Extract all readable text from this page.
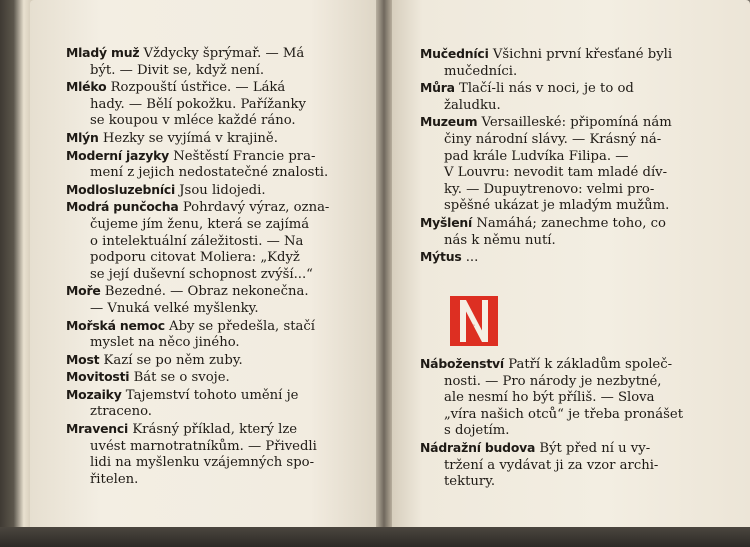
Mladý muž Vždycky šprýmař. — Má
být. — Divit se, když není.
Mléko Rozpouští ústřice. — Láká
hady. — Bělí pokožku. Pařížanky
se koupou v mléce každé ráno.
Mlýn Hezky se vyjímá v krajině.
Moderní jazyky Neštěstí Francie pra-
mení z jejich nedostatečné znalosti.
Modlosluzebníci Jsou lidojedi.
Modrá punčocha Pohrdavý výraz, ozna-
čujeme jím ženu, která se zajímá
o intelektuální záležitosti. — Na
podporu citovat Moliera: „Když
se její duševní schopnost zvýší...“
Moře Bezedné. — Obraz nekonečna.
— Vnuká velké myšlenky.
Mořská nemoc Aby se předešla, stačí
myslet na něco jiného.
Most Kazí se po něm zuby.
Movitosti Bát se o svoje.
Mozaiky Tajemství tohoto umění je
ztraceno.
Mravenci Krásný příklad, který lze
uvést marnotratníkům. — Přivedli
lidi na myšlenku vzájemných spo-
řitelen.
Mučedníci Všichni první křesťané byli
mučedníci.
Můra Tlačí-li nás v noci, je to od
žaludku.
Muzeum Versailleské: připomíná nám
činy národní slávy. — Krásný ná-
pad krále Ludvíka Filipa. —
V Louvru: nevodit tam mladé dív-
ky. — Dupuytrenovo: velmi pro-
spěšné ukázat je mladým mužům.
Myšlení Namáhá; zanechme toho, co
nás k němu nutí.
Mýtus ...
N
Náboženství Patří k základům společ-
nosti. — Pro národy je nezbytné,
ale nesmí ho být příliš. — Slova
„víra našich otců“ je třeba pronášet
s dojetím.
Nádražní budova Být před ní u vy-
tržení a vydávat ji za vzor archi-
tektury.
